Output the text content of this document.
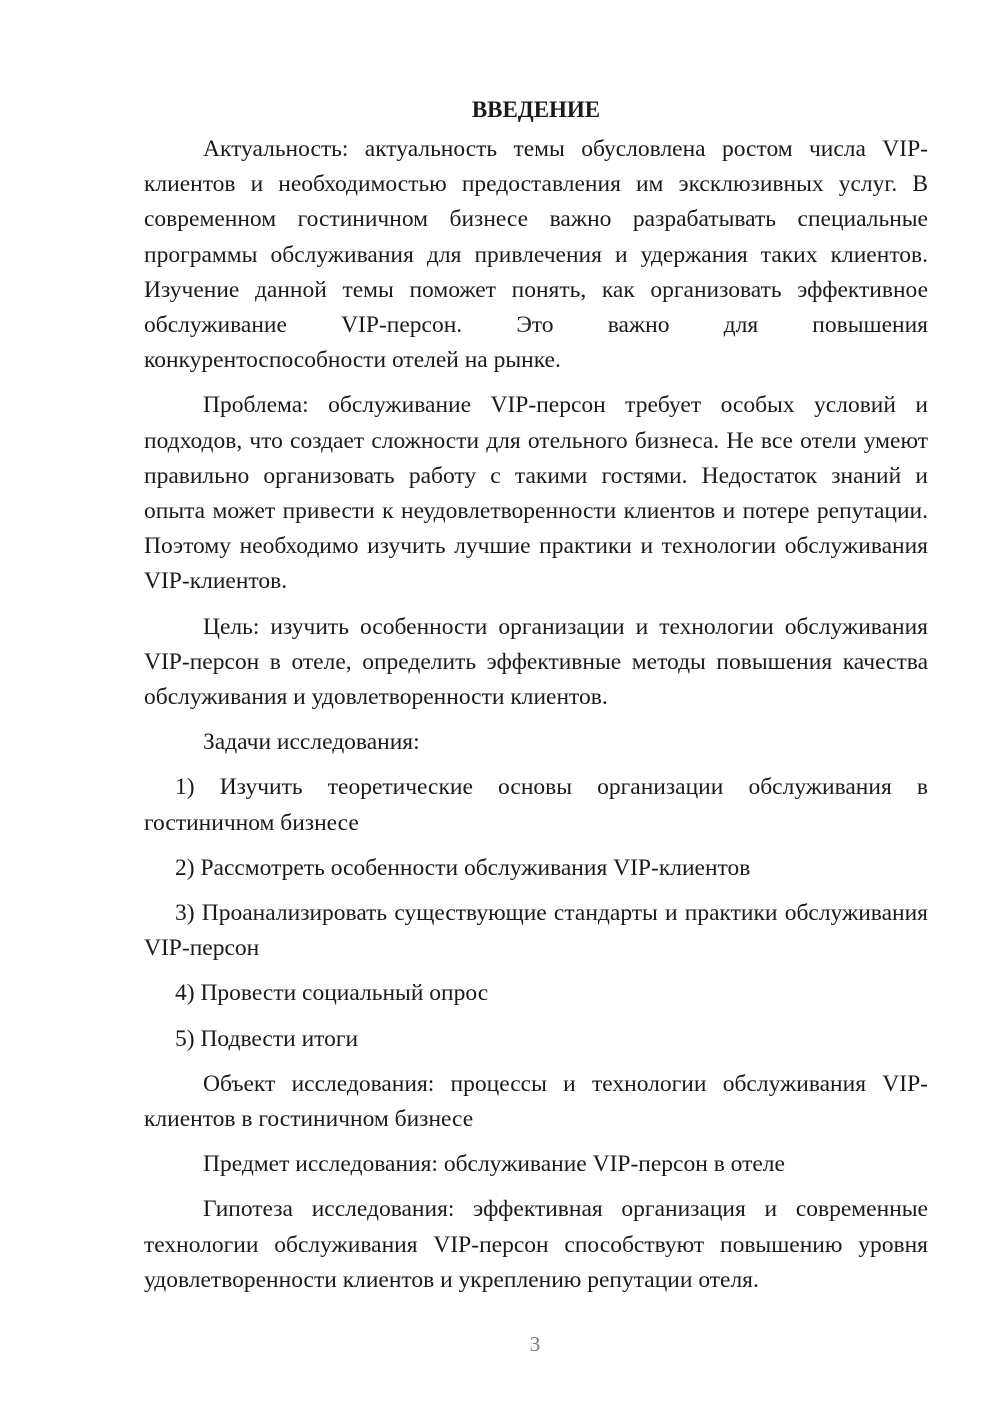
ВВЕДЕНИЕ

Актуальность: актуальность темы обусловлена ростом числа VIP-клиентов и необходимостью предоставления им эксклюзивных услуг. В современном гостиничном бизнесе важно разрабатывать специальные программы обслуживания для привлечения и удержания таких клиентов. Изучение данной темы поможет понять, как организовать эффективное обслуживание VIP-персон. Это важно для повышения конкурентоспособности отелей на рынке.

Проблема: обслуживание VIP-персон требует особых условий и подходов, что создает сложности для отельного бизнеса. Не все отели умеют правильно организовать работу с такими гостями. Недостаток знаний и опыта может привести к неудовлетворенности клиентов и потере репутации. Поэтому необходимо изучить лучшие практики и технологии обслуживания VIP-клиентов.

Цель: изучить особенности организации и технологии обслуживания VIP-персон в отеле, определить эффективные методы повышения качества обслуживания и удовлетворенности клиентов.

Задачи исследования:

1) Изучить теоретические основы организации обслуживания в гостиничном бизнесе

2) Рассмотреть особенности обслуживания VIP-клиентов

3) Проанализировать существующие стандарты и практики обслуживания VIP-персон

4) Провести социальный опрос

5) Подвести итоги

Объект исследования: процессы и технологии обслуживания VIP-клиентов в гостиничном бизнесе

Предмет исследования: обслуживание VIP-персон в отеле

Гипотеза исследования: эффективная организация и современные технологии обслуживания VIP-персон способствуют повышению уровня удовлетворенности клиентов и укреплению репутации отеля.

3
